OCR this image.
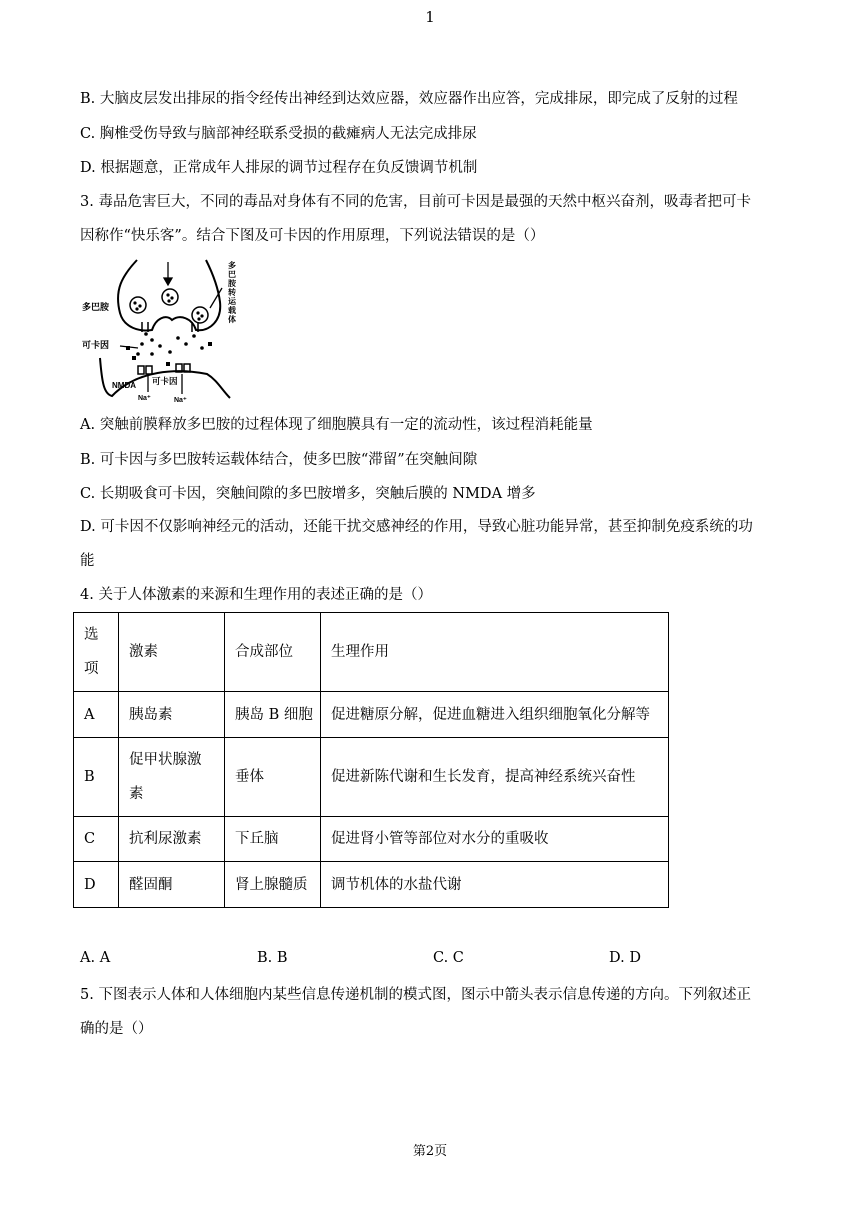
1
B. 大脑皮层发出排尿的指令经传出神经到达效应器，效应器作出应答，完成排尿，即完成了反射的过程
C. 胸椎受伤导致与脑部神经联系受损的截瘫病人无法完成排尿
D. 根据题意，正常成年人排尿的调节过程存在负反馈调节机制
3. 毒品危害巨大，不同的毒品对身体有不同的危害，目前可卡因是最强的天然中枢兴奋剂，吸毒者把可卡
因称作“快乐客”。结合下图及可卡因的作用原理，下列说法错误的是（）
多巴胺
可卡因
NMDA 可卡因
Na⁺	Na⁺
多
巴
胺
转
运
载
体
A. 突触前膜释放多巴胺的过程体现了细胞膜具有一定的流动性，该过程消耗能量
B. 可卡因与多巴胺转运载体结合，使多巴胺“滞留”在突触间隙
C. 长期吸食可卡因，突触间隙的多巴胺增多，突触后膜的 NMDA 增多
D. 可卡因不仅影响神经元的活动，还能干扰交感神经的作用，导致心脏功能异常，甚至抑制免疫系统的功
能
4. 关于人体激素的来源和生理作用的表述正确的是（）
选
项	激素	合成部位	生理作用
A	胰岛素	胰岛 B 细胞	促进糖原分解，促进血糖进入组织细胞氧化分解等
B	促甲状腺激
素	垂体	促进新陈代谢和生长发育，提高神经系统兴奋性
C	抗利尿激素	下丘脑	促进肾小管等部位对水分的重吸收
D	醛固酮	肾上腺髓质	调节机体的水盐代谢
A. A	B. B	C. C	D. D
5. 下图表示人体和人体细胞内某些信息传递机制的模式图，图示中箭头表示信息传递的方向。下列叙述正
确的是（）
第2页
